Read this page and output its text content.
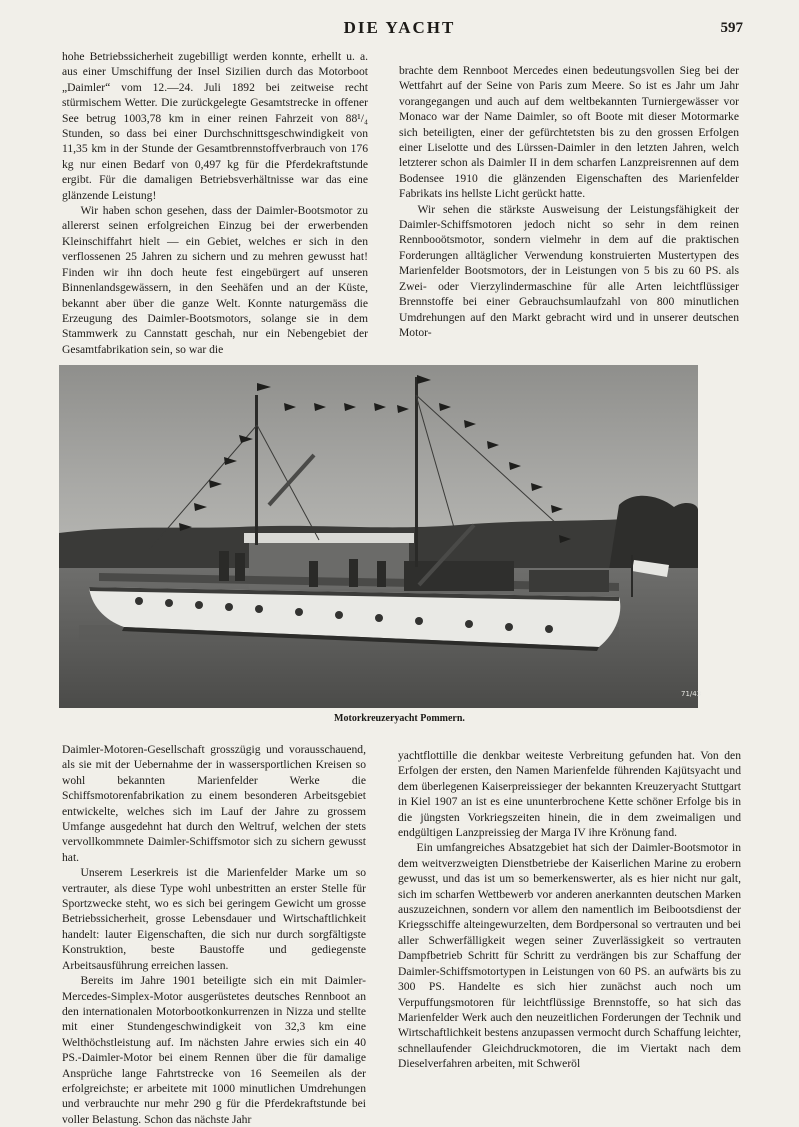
DIE YACHT	597

hohe Betriebssicherheit zugebilligt werden konnte, erhellt u. a. aus einer Umschiffung der Insel Sizilien durch das Motorboot „Daimler“ vom 12.—24. Juli 1892 bei zeitweise recht stürmischem Wetter. Die zurückgelegte Gesamtstrecke in offener See betrug 1003,78 km in einer reinen Fahrzeit von 88¹/₄ Stunden, so dass bei einer Durchschnittsgeschwindigkeit von 11,35 km in der Stunde der Gesamtbrennstoffverbrauch von 176 kg nur einen Bedarf von 0,497 kg für die Pferdekraftstunde ergibt. Für die damaligen Betriebsverhältnisse war das eine glänzende Leistung!

Wir haben schon gesehen, dass der Daimler-Bootsmotor zu allererst seinen erfolgreichen Einzug bei der erwerbenden Kleinschiffahrt hielt — ein Gebiet, welches er sich in den verflossenen 25 Jahren zu sichern und zu mehren gewusst hat! Finden wir ihn doch heute fest eingebürgert auf unseren Binnenlandsgewässern, in den Seehäfen und an der Küste, bekannt aber über die ganze Welt. Konnte naturgemäss die Erzeugung des Daimler-Bootsmotors, solange sie in dem Stammwerk zu Cannstatt geschah, nur ein Nebengebiet der Gesamtfabrikation sein, so war die

brachte dem Rennboot Mercedes einen bedeutungsvollen Sieg bei der Wettfahrt auf der Seine von Paris zum Meere. So ist es Jahr um Jahr vorangegangen und auch auf dem weltbekannten Turniergewässer vor Monaco war der Name Daimler, so oft Boote mit dieser Motormarke sich beteiligten, einer der gefürchtetsten bis zu den grossen Erfolgen einer Liselotte und des Lürssen-Daimler in den letzten Jahren, welch letzterer schon als Daimler II in dem scharfen Lanzpreisrennen auf dem Bodensee 1910 die glänzenden Eigenschaften des Marienfelder Fabrikats ins hellste Licht gerückt hatte.

Wir sehen die stärkste Ausweisung der Leistungsfähigkeit der Daimler-Schiffsmotoren jedoch nicht so sehr in dem reinen Rennbooötsmotor, sondern vielmehr in dem auf die praktischen Forderungen alltäglicher Verwendung konstruierten Mustertypen des Marienfelder Bootsmotors, der in Leistungen von 5 bis zu 60 PS. als Zwei- oder Vierzylindermaschine für alle Arten leichtflüssiger Brennstoffe bei einer Gebrauchsumlaufzahl von 800 minutlichen Umdrehungen auf den Markt gebracht wird und in unserer deutschen Motor-

71/43
Motorkreuzeryacht Pommern.

Daimler-Motoren-Gesellschaft grosszügig und vorausschauend, als sie mit der Uebernahme der in wassersportlichen Kreisen so wohl bekannten Marienfelder Werke die Schiffsmotorenfabrikation zu einem besonderen Arbeitsgebiet entwickelte, welches sich im Lauf der Jahre zu grossem Umfange ausgedehnt hat durch den Weltruf, welchen der stets vervollkommnete Daimler-Schiffsmotor sich zu sichern gewusst hat.

Unserem Leserkreis ist die Marienfelder Marke um so vertrauter, als diese Type wohl unbestritten an erster Stelle für Sportzwecke steht, wo es sich bei geringem Gewicht um grosse Betriebssicherheit, grosse Lebensdauer und Wirtschaftlichkeit handelt: lauter Eigenschaften, die sich nur durch sorgfältigste Konstruktion, beste Baustoffe und gediegenste Arbeitsausführung erreichen lassen.

Bereits im Jahre 1901 beteiligte sich ein mit Daimler-Mercedes-Simplex-Motor ausgerüstetes deutsches Rennboot an den internationalen Motorbootkonkurrenzen in Nizza und stellte mit einer Stundengeschwindigkeit von 32,3 km eine Welthöchstleistung auf. Im nächsten Jahre erwies sich ein 40 PS.-Daimler-Motor bei einem Rennen über die für damalige Ansprüche lange Fahrtstrecke von 16 Seemeilen als der erfolgreichste; er arbeitete mit 1000 minutlichen Umdrehungen und verbrauchte nur mehr 290 g für die Pferdekraftstunde bei voller Belastung. Schon das nächste Jahr

yachtflottille die denkbar weiteste Verbreitung gefunden hat. Von den Erfolgen der ersten, den Namen Marienfelde führenden Kajütsyacht und dem überlegenen Kaiserpreissieger der bekannten Kreuzeryacht Stuttgart in Kiel 1907 an ist es eine ununterbrochene Kette schöner Erfolge bis in die jüngsten Vorkriegszeiten hinein, die in dem zweimaligen und endgültigen Lanzpreissieg der Marga IV ihre Krönung fand.

Ein umfangreiches Absatzgebiet hat sich der Daimler-Bootsmotor in dem weitverzweigten Dienstbetriebe der Kaiserlichen Marine zu erobern gewusst, und das ist um so bemerkenswerter, als es hier nicht nur galt, sich im scharfen Wettbewerb vor anderen anerkannten deutschen Marken auszuzeichnen, sondern vor allem den namentlich im Beibootsdienst der Kriegsschiffe alteingewurzelten, dem Bordpersonal so vertrauten und bei aller Schwerfälligkeit wegen seiner Zuverlässigkeit so vertrauten Dampfbetrieb Schritt für Schritt zu verdrängen bis zur Schaffung der Daimler-Schiffsmotortypen in Leistungen von 60 PS. an aufwärts bis zu 300 PS. Handelte es sich hier zunächst auch noch um Verpuffungsmotoren für leichtflüssige Brennstoffe, so hat sich das Marienfelder Werk auch den neuzeitlichen Forderungen der Technik und Wirtschaftlichkeit bestens anzupassen vermocht durch Schaffung leichter, schnellaufender Gleichdruckmotoren, die im Viertakt nach dem Dieselverfahren arbeiten, mit Schweröl
